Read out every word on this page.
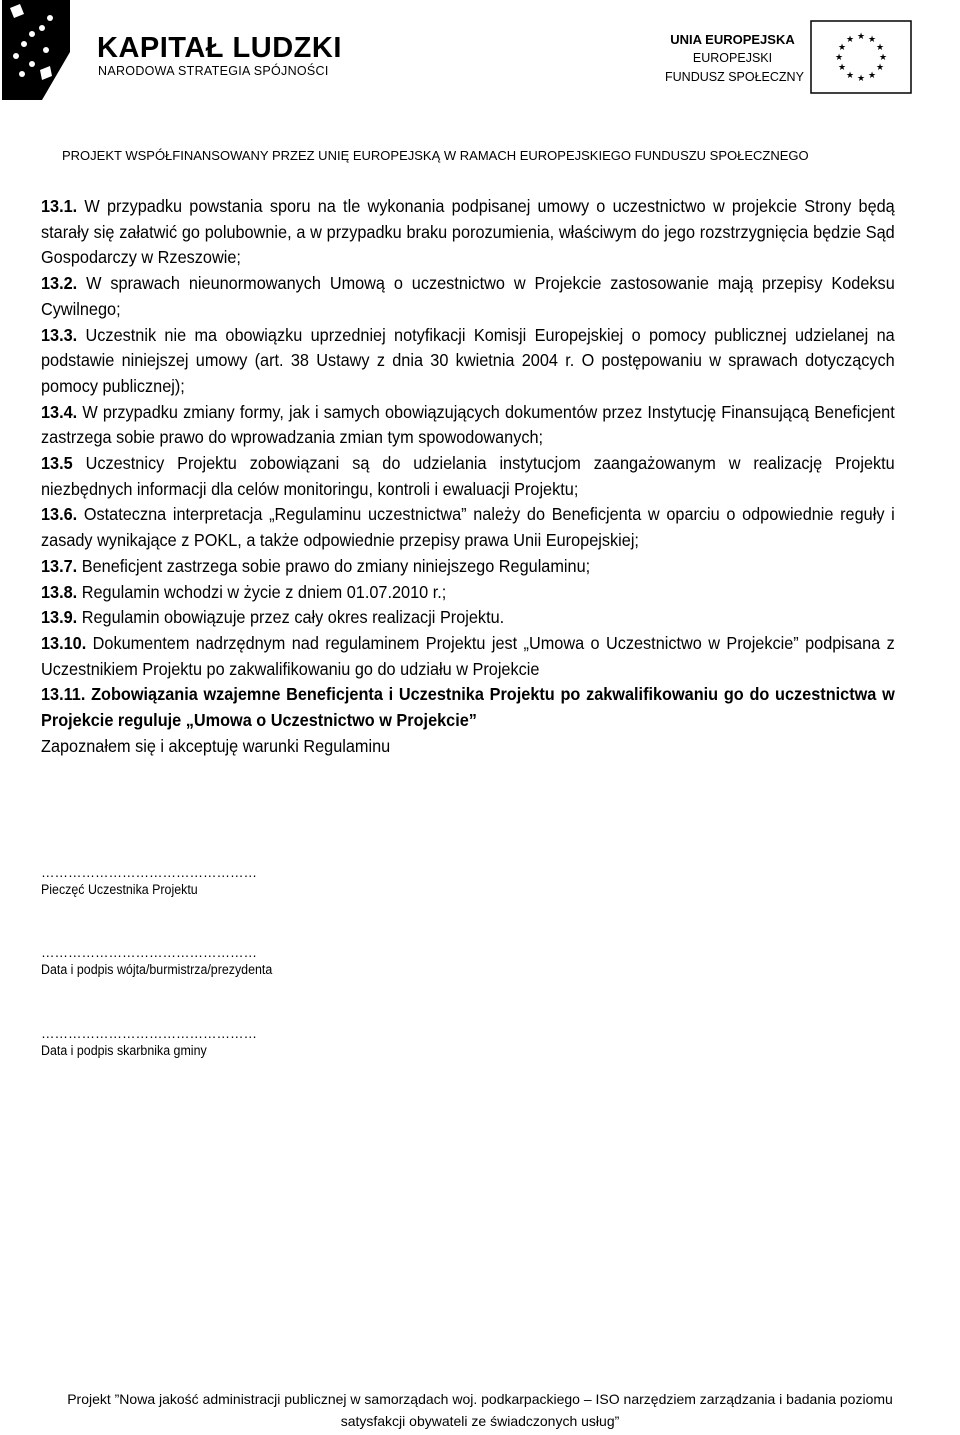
KAPITAŁ LUDZKI
NARODOWA STRATEGIA SPÓJNOŚCI
UNIA EUROPEJSKA
EUROPEJSKI
FUNDUSZ SPOŁECZNY
★ ★
★
★
★
★
★
★
★
★
★
★
PROJEKT WSPÓŁFINANSOWANY PRZEZ UNIĘ EUROPEJSKĄ W RAMACH EUROPEJSKIEGO FUNDUSZU SPOŁECZNEGO

13.1. W przypadku powstania sporu na tle wykonania podpisanej umowy o uczestnictwo w projekcie Strony będą starały się załatwić go polubownie, a w przypadku braku porozumienia, właściwym do jego rozstrzygnięcia będzie Sąd Gospodarczy w Rzeszowie;

13.2. W sprawach nieunormowanych Umową o uczestnictwo w Projekcie zastosowanie mają przepisy Kodeksu Cywilnego;

13.3. Uczestnik nie ma obowiązku uprzedniej notyfikacji Komisji Europejskiej o pomocy publicznej udzielanej na podstawie niniejszej umowy (art. 38 Ustawy z dnia 30 kwietnia 2004 r. O postępowaniu w sprawach dotyczących pomocy publicznej);

13.4. W przypadku zmiany formy, jak i samych obowiązujących dokumentów przez Instytucję Finansującą Beneficjent zastrzega sobie prawo do wprowadzania zmian tym spowodowanych;

13.5 Uczestnicy Projektu zobowiązani są do udzielania instytucjom zaangażowanym w realizację Projektu niezbędnych informacji dla celów monitoringu, kontroli i ewaluacji Projektu;

13.6. Ostateczna interpretacja „Regulaminu uczestnictwa” należy do Beneficjenta w oparciu o odpowiednie reguły i zasady wynikające z POKL, a także odpowiednie przepisy prawa Unii Europejskiej;

13.7. Beneficjent zastrzega sobie prawo do zmiany niniejszego Regulaminu;

13.8. Regulamin wchodzi w życie z dniem 01.07.2010 r.;

13.9. Regulamin obowiązuje przez cały okres realizacji Projektu.

13.10. Dokumentem nadrzędnym nad regulaminem Projektu jest „Umowa o Uczestnictwo w Projekcie” podpisana z Uczestnikiem Projektu po zakwalifikowaniu go do udziału w Projekcie

13.11. Zobowiązania wzajemne Beneficjenta i Uczestnika Projektu po zakwalifikowaniu go do uczestnictwa w Projekcie reguluje „Umowa o Uczestnictwo w Projekcie”

Zapoznałem się i akceptuję warunki Regulaminu

…………………………………………
Pieczęć Uczestnika Projektu
…………………………………………
Data i podpis wójta/burmistrza/prezydenta
…………………………………………
Data i podpis skarbnika gminy
Projekt ”Nowa jakość administracji publicznej w samorządach woj. podkarpackiego – ISO narzędziem zarządzania i badania poziomu
satysfakcji obywateli ze świadczonych usług”
